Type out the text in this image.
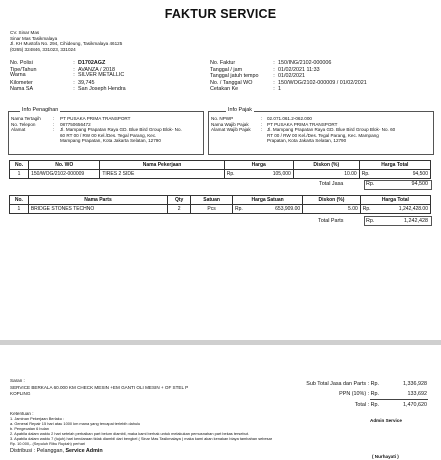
FAKTUR SERVICE
CV. Sinar Mas
Sinar Mas Tasikmalaya
Jl. KH Mustofa No. 294, Cihideung, Tasikmalaya 46125
(0265) 324846, 331023, 331024
No. Polisi	: D1702AGZ
Tipe/Tahun	: AVANZA / 2018
Warna	: SILVER METALLIC
Kilometer	: 39,745
Nama SA	: San Joseph Hendra
No. Faktur	: 150/ING/2102-000006
Tanggal / jam	: 01/02/2021 11:33
Tanggal jatuh tempo	: 01/02/2021
No. / Tanggal WO	: 150/WOG/2102-000009 / 01/02/2021
Cetakan Ke	: 1
Info Penagihan
Nama Tertagih	:	PT PUSAKA PRIMA TRANSPORT
No. Telepon	:	087750656472
Alamat	:	Jl. Mampang Prapatan Raya GD. Blue Bird Group Blok- No.
60 RT 00 / RW 00 Kel./Des. Tegal Parang, Kec.
Mampang Prapatan, Kota Jakarta Selatan, 12790
Info Pajak
No. NPWP	:	02.071.061.2-062.000
Nama Wajib Pajak	:	PT PUSAKA PRIMA TRANSPORT
Alamat Wajib Pajak	:	Jl. Mampang Prapatan Raya GD. Blue Bird Group Blok- No. 60
RT 00 / RW 00 Kel./Des. Tegal Parang, Kec. Mampang
Prapatan, Kota Jakarta Selatan, 12790
No.	No. WO	Nama Pekerjaan	Harga		Diskon (%)	Harga Total	
1	150/WOG/2102-000009	TIRES 2 SIDE	Rp.	105,000	10.00	Rp.	94,500
Total Jasa	Rp.	94,500
No.	Nama Parts	Qty	Satuan	Harga Satuan		Diskon (%)	Harga Total	
1	BRIDGE STONES TECHNO	2	Pcs	Rp.	653,909.00	5.00	Rp.	1,242,428.00
Total Parts	Rp.	1,242,428
Saran :
SERVICE BERKALA 60.000 KM CHECK MESIN +EM GANTI OLI MESIN + OF STEL P
KOPLING
Sub Total Jasa dan Parts : Rp.	1,336,928
PPN (10%) : Rp.	133,692
Total : Rp.	1,470,620
Ketentuan :
1. Jaminan Pekerjaan Berlaku :
a. General Repair 15 hari atau 1000 km mana yang tercapai terlebih dahulu
b. Pengecatan 6 bulan
2. Apabila dalam waktu 2 hari setelah perbaikan part belum diambil, maka kami berhak untuk melakukan pemusnahan part bekas tersebut.
3. Apabila dalam waktu 7 (tujuh) hari kendaraan tidak diambil dari bengkel ( Sinar Mas Tasikmalaya ) maka kami akan kenakan biaya tambahan sebesar
Rp. 10.000,- (Sepuluh Ribu Rupiah) perhari
Admin Service
( Nurhayati )
Distribusi : Pelanggan, Service Admin
